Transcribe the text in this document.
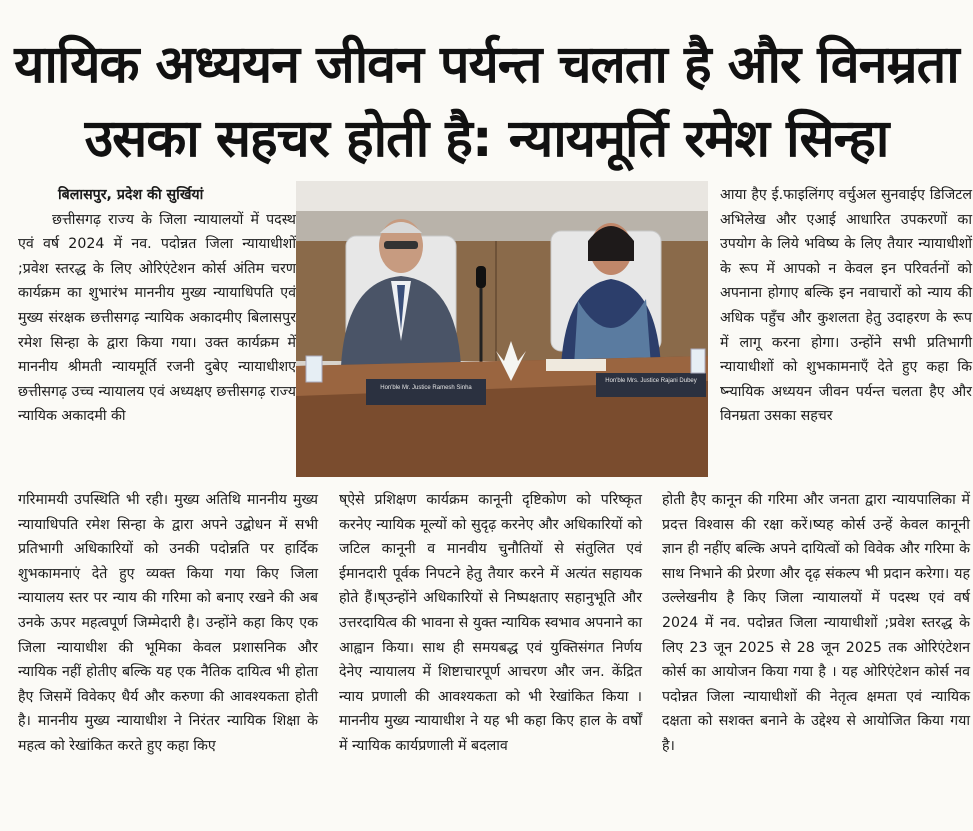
यायिक अध्ययन जीवन पर्यन्त चलता है और विनम्रता
उसका सहचर होती है: न्यायमूर्ति रमेश सिन्हा
बिलासपुर, प्रदेश की सुर्खियां

छत्तीसगढ़ राज्य के जिला न्यायालयों में पदस्थ एवं वर्ष 2024 में नव. पदोन्नत जिला न्यायाधीशों ;प्रवेश स्तरद्ध के लिए ओरिएंटेशन कोर्स अंतिम चरण कार्यक्रम का शुभारंभ माननीय मुख्य न्यायाधिपति एवं मुख्य संरक्षक छत्तीसगढ़ न्यायिक अकादमीए बिलासपुर रमेश सिन्हा के द्वारा किया गया। उक्त कार्यक्रम में माननीय श्रीमती न्यायमूर्ति रजनी दुबेए न्यायाधीशए छत्तीसगढ़ उच्च न्यायालय एवं अध्यक्षए छत्तीसगढ़ राज्य न्यायिक अकादमी की

Hon'ble Mr. Justice Ramesh Sinha
Hon'ble Mrs. Justice Rajani Dubey

आया हैए ई.फाइलिंगए वर्चुअल सुनवाईए डिजिटल अभिलेख और एआई आधारित उपकरणों का उपयोग के लिये भविष्य के लिए तैयार न्यायाधीशों के रूप में आपको न केवल इन परिवर्तनों को अपनाना होगाए बल्कि इन नवाचारों को न्याय की अधिक पहुँच और कुशलता हेतु उदाहरण के रूप में लागू करना होगा। उन्होंने सभी प्रतिभागी न्यायाधीशों को शुभकामनाएँ देते हुए कहा कि ष्न्यायिक अध्ययन जीवन पर्यन्त चलता हैए और विनम्रता उसका सहचर

गरिमामयी उपस्थिति भी रही। मुख्य अतिथि माननीय मुख्य न्यायाधिपति रमेश सिन्हा के द्वारा अपने उद्बोधन में सभी प्रतिभागी अधिकारियों को उनकी पदोन्नति पर हार्दिक शुभकामनाएं देते हुए व्यक्त किया गया किए जिला न्यायालय स्तर पर न्याय की गरिमा को बनाए रखने की अब उनके ऊपर महत्वपूर्ण जिम्मेदारी है। उन्होंने कहा किए एक जिला न्यायाधीश की भूमिका केवल प्रशासनिक और न्यायिक नहीं होतीए बल्कि यह एक नैतिक दायित्व भी होता हैए जिसमें विवेकए धैर्य और करुणा की आवश्यकता होती है। माननीय मुख्य न्यायाधीश ने निरंतर न्यायिक शिक्षा के महत्व को रेखांकित करते हुए कहा किए

ष्ऐसे प्रशिक्षण कार्यक्रम कानूनी दृष्टिकोण को परिष्कृत करनेए न्यायिक मूल्यों को सुदृढ़ करनेए और अधिकारियों को जटिल कानूनी व मानवीय चुनौतियों से संतुलित एवं ईमानदारी पूर्वक निपटने हेतु तैयार करने में अत्यंत सहायक होते हैं।ष्उन्होंने अधिकारियों से निष्पक्षताए सहानुभूति और उत्तरदायित्व की भावना से युक्त न्यायिक स्वभाव अपनाने का आह्वान किया। साथ ही समयबद्ध एवं युक्तिसंगत निर्णय देनेए न्यायालय में शिष्टाचारपूर्ण आचरण और जन. केंद्रित न्याय प्रणाली की आवश्यकता को भी रेखांकित किया । माननीय मुख्य न्यायाधीश ने यह भी कहा किए हाल के वर्षों में न्यायिक कार्यप्रणाली में बदलाव

होती हैए कानून की गरिमा और जनता द्वारा न्यायपालिका में प्रदत्त विश्वास की रक्षा करें।ष्यह कोर्स उन्हें केवल कानूनी ज्ञान ही नहींए बल्कि अपने दायित्वों को विवेक और गरिमा के साथ निभाने की प्रेरणा और दृढ़ संकल्प भी प्रदान करेगा। यह उल्लेखनीय है किए जिला न्यायालयों में पदस्थ एवं वर्ष 2024 में नव. पदोन्नत जिला न्यायाधीशों ;प्रवेश स्तरद्ध के लिए 23 जून 2025 से 28 जून 2025 तक ओरिएंटेशन कोर्स का आयोजन किया गया है । यह ओरिएंटेशन कोर्स नव पदोन्नत जिला न्यायाधीशों की नेतृत्व क्षमता एवं न्यायिक दक्षता को सशक्त बनाने के उद्देश्य से आयोजित किया गया है।
